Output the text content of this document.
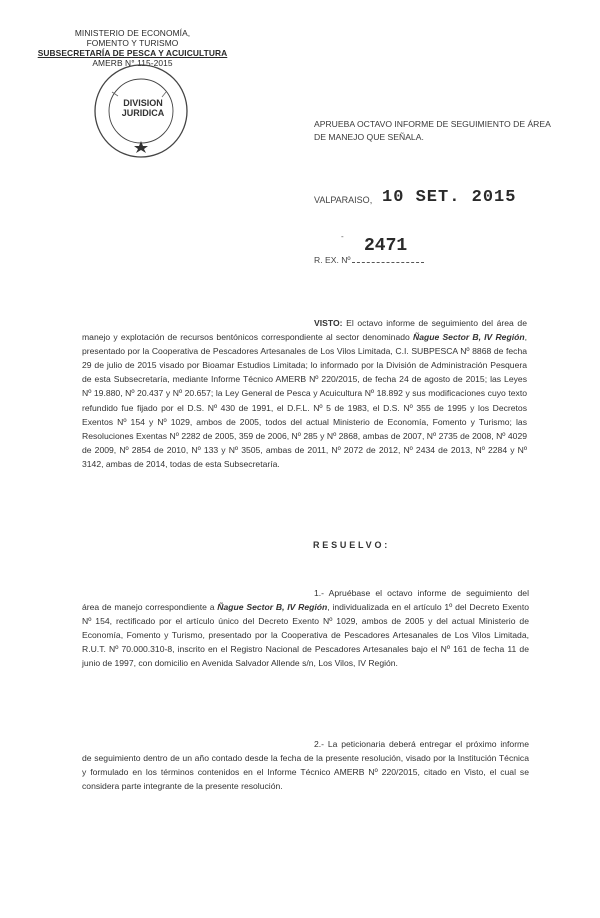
MINISTERIO DE ECONOMÍA,
FOMENTO Y TURISMO
SUBSECRETARÍA DE PESCA Y ACUICULTURA
AMERB N° 115-2015
DIVISION
JURIDICA
APRUEBA OCTAVO INFORME DE SEGUIMIENTO DE ÁREA DE MANEJO QUE SEÑALA.
VALPARAISO, 10 SET. 2015
- 2471
R. EX. Nº
VISTO: El octavo informe de seguimiento del área de manejo y explotación de recursos bentónicos correspondiente al sector denominado Ñague Sector B, IV Región, presentado por la Cooperativa de Pescadores Artesanales de Los Vilos Limitada, C.I. SUBPESCA Nº 8868 de fecha 29 de julio de 2015 visado por Bioamar Estudios Limitada; lo informado por la División de Administración Pesquera de esta Subsecretaría, mediante Informe Técnico AMERB Nº 220/2015, de fecha 24 de agosto de 2015; las Leyes Nº 19.880, Nº 20.437 y Nº 20.657; la Ley General de Pesca y Acuicultura Nº 18.892 y sus modificaciones cuyo texto refundido fue fijado por el D.S. Nº 430 de 1991, el D.F.L. Nº 5 de 1983, el D.S. Nº 355 de 1995 y los Decretos Exentos Nº 154 y Nº 1029, ambos de 2005, todos del actual Ministerio de Economía, Fomento y Turismo; las Resoluciones Exentas Nº 2282 de 2005, 359 de 2006, Nº 285 y Nº 2868, ambas de 2007, Nº 2735 de 2008, Nº 4029 de 2009, Nº 2854 de 2010, Nº 133 y Nº 3505, ambas de 2011, Nº 2072 de 2012, Nº 2434 de 2013, Nº 2284 y Nº 3142, ambas de 2014, todas de esta Subsecretaría.
RESUELVO:
1.- Apruébase el octavo informe de seguimiento del área de manejo correspondiente a Ñague Sector B, IV Región, individualizada en el artículo 1º del Decreto Exento Nº 154, rectificado por el artículo único del Decreto Exento Nº 1029, ambos de 2005 y del actual Ministerio de Economía, Fomento y Turismo, presentado por la Cooperativa de Pescadores Artesanales de Los Vilos Limitada, R.U.T. Nº 70.000.310-8, inscrito en el Registro Nacional de Pescadores Artesanales bajo el Nº 161 de fecha 11 de junio de 1997, con domicilio en Avenida Salvador Allende s/n, Los Vilos, IV Región.
2.- La peticionaria deberá entregar el próximo informe de seguimiento dentro de un año contado desde la fecha de la presente resolución, visado por la Institución Técnica y formulado en los términos contenidos en el Informe Técnico AMERB Nº 220/2015, citado en Visto, el cual se considera parte integrante de la presente resolución.
